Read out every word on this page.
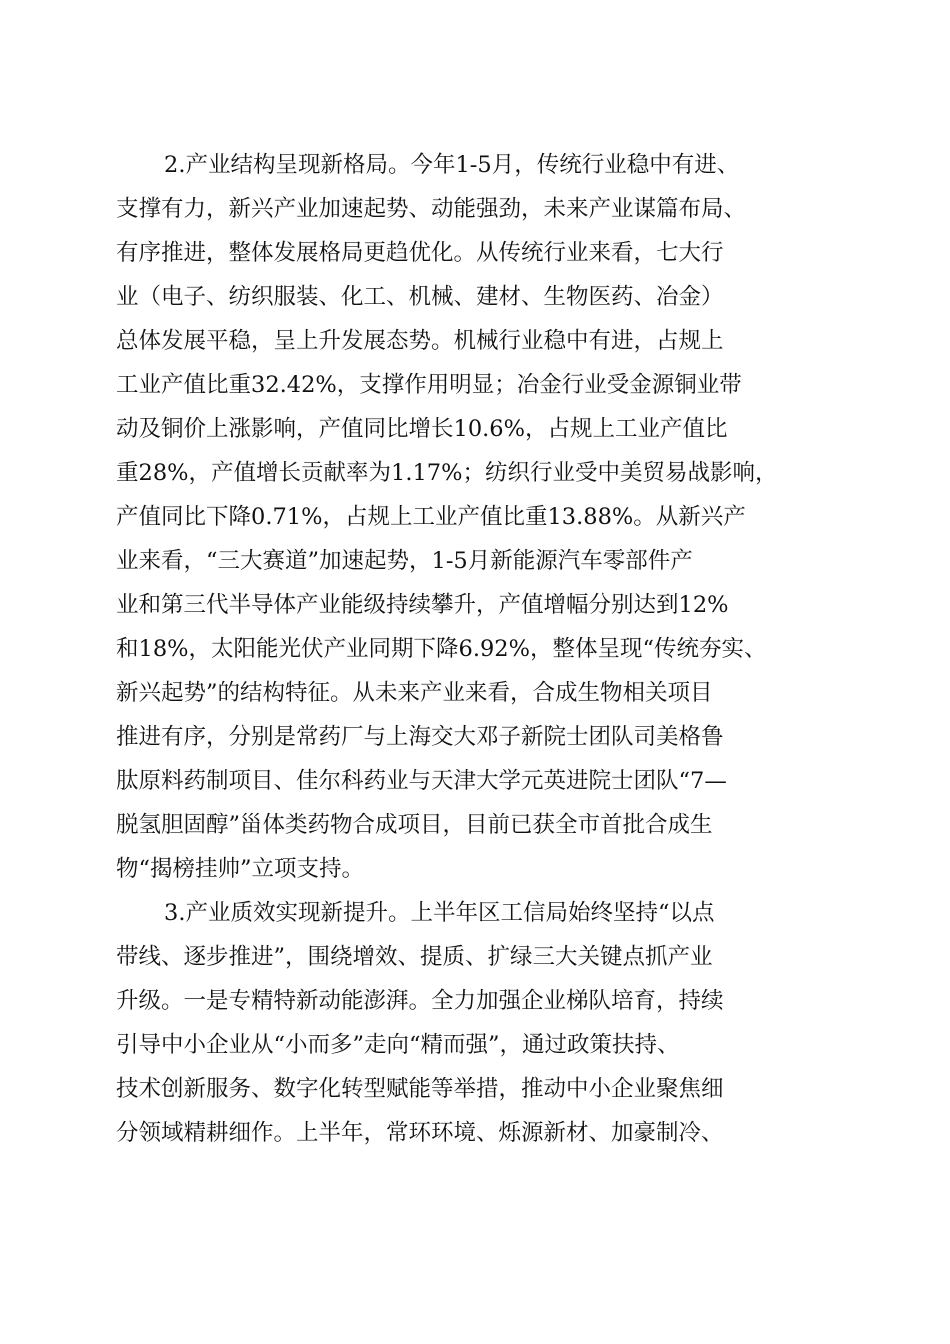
2.产业结构呈现新格局。今年1-5月，传统行业稳中有进、
支撑有力，新兴产业加速起势、动能强劲，未来产业谋篇布局、
有序推进，整体发展格局更趋优化。从传统行业来看，七大行
业（电子、纺织服装、化工、机械、建材、生物医药、冶金）
总体发展平稳，呈上升发展态势。机械行业稳中有进，占规上
工业产值比重32.42%，支撑作用明显；冶金行业受金源铜业带
动及铜价上涨影响，产值同比增长10.6%，占规上工业产值比
重28%，产值增长贡献率为1.17%；纺织行业受中美贸易战影响，
产值同比下降0.71%，占规上工业产值比重13.88%。从新兴产
业来看，“三大赛道”加速起势，1-5月新能源汽车零部件产
业和第三代半导体产业能级持续攀升，产值增幅分别达到12%
和18%，太阳能光伏产业同期下降6.92%，整体呈现“传统夯实、
新兴起势”的结构特征。从未来产业来看，合成生物相关项目
推进有序，分别是常药厂与上海交大邓子新院士团队司美格鲁
肽原料药制项目、佳尔科药业与天津大学元英进院士团队“7—
脱氢胆固醇”甾体类药物合成项目，目前已获全市首批合成生
物“揭榜挂帅”立项支持。
3.产业质效实现新提升。上半年区工信局始终坚持“以点
带线、逐步推进”，围绕增效、提质、扩绿三大关键点抓产业
升级。一是专精特新动能澎湃。全力加强企业梯队培育，持续
引导中小企业从“小而多”走向“精而强”，通过政策扶持、
技术创新服务、数字化转型赋能等举措，推动中小企业聚焦细
分领域精耕细作。上半年，常环环境、烁源新材、加豪制冷、
